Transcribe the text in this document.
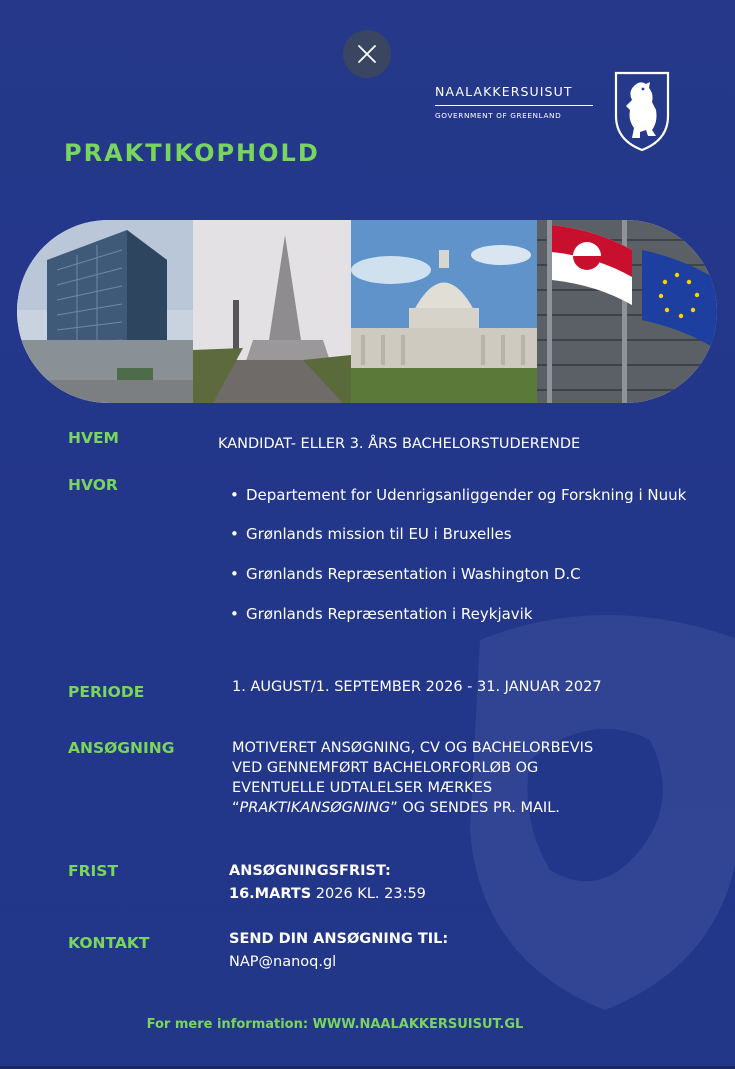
NAALAKKERSUISUT
GOVERNMENT OF GREENLAND
PRAKTIKOPHOLD

HVEM	KANDIDAT- ELLER 3. ÅRS BACHELORSTUDERENDE

HVOR

• Departement for Udenrigsanliggender og Forskning i Nuuk
• Grønlands mission til EU i Bruxelles
• Grønlands Repræsentation i Washington D.C
• Grønlands Repræsentation i Reykjavik

PERIODE	1. AUGUST/1. SEPTEMBER 2026 - 31. JANUAR 2027

ANSØGNING	MOTIVERET ANSØGNING, CV OG BACHELORBEVIS
VED GENNEMFØRT BACHELORFORLØB OG
EVENTUELLE UDTALELSER MÆRKES
“PRAKTIKANSØGNING” OG SENDES PR. MAIL.

FRIST	ANSØGNINGSFRIST:
16.MARTS 2026 KL. 23:59

KONTAKT	SEND DIN ANSØGNING TIL:
NAP@nanoq.gl
For mere information: WWW.NAALAKKERSUISUT.GL
